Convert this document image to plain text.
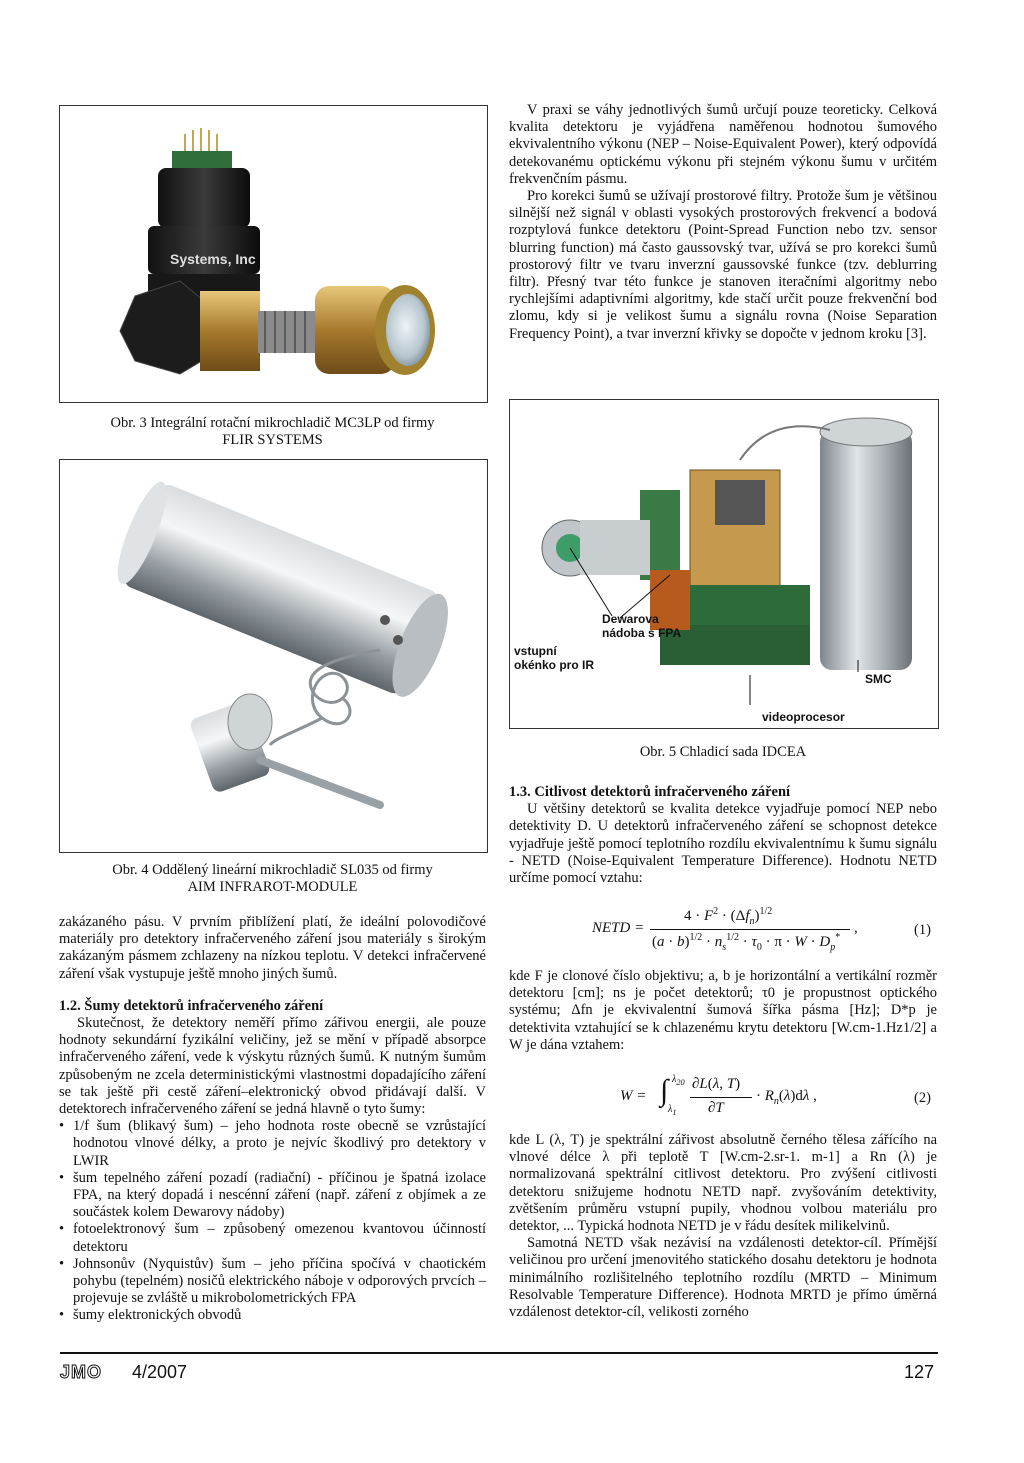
Systems, Inc
Obr. 3 Integrální rotační mikrochladič MC3LP od firmy
FLIR SYSTEMS
Obr. 4 Oddělený lineární mikrochladič SL035 od firmy
AIM INFRAROT-MODULE

V praxi se váhy jednotlivých šumů určují pouze teoreticky. Celková kvalita detektoru je vyjádřena naměřenou hodnotou šumového ekvivalentního výkonu (NEP – Noise-Equivalent Power), který odpovídá detekovanému optickému výkonu při stejném výkonu šumu v určitém frekvenčním pásmu.

Pro korekci šumů se užívají prostorové filtry. Protože šum je většinou silnější než signál v oblasti vysokých prostorových frekvencí a bodová rozptylová funkce detektoru (Point-Spread Function nebo tzv. sensor blurring function) má často gaussovský tvar, užívá se pro korekci šumů prostorový filtr ve tvaru inverzní gaussovské funkce (tzv. deblurring filtr). Přesný tvar této funkce je stanoven iteračními algoritmy nebo rychlejšími adaptivními algoritmy, kde stačí určit pouze frekvenční bod zlomu, kdy si je velikost šumu a signálu rovna (Noise Separation Frequency Point), a tvar inverzní křivky se dopočte v jednom kroku [3].

Dewarova
nádoba s FPA
vstupní
okénko pro IR
SMC
videoprocesor
Obr. 5 Chladicí sada IDCEA
1.3. Citlivost detektorů infračerveného záření

U většiny detektorů se kvalita detekce vyjadřuje pomocí NEP nebo detektivity D. U detektorů infračerveného záření se schopnost detekce vyjadřuje ještě pomocí teplotního rozdílu ekvivalentnímu k šumu signálu - NETD (Noise-Equivalent Temperature Difference). Hodnotu NETD určíme pomocí vztahu:

NETD =
$4 \cdot F^2 \cdot (\Delta f_n)^{1/2}$
$(a \cdot b)^{1/2} \cdot n_s^{1/2} \cdot \tau_0 \cdot \pi \cdot W \cdot D_p^*$
,	(1)

kde F je clonové číslo objektivu; a, b je horizontální a vertikální rozměr detektoru [cm]; ns je počet detektorů; τ0 je propustnost optického systému; Δfn je ekvivalentní šumová šířka pásma [Hz]; D*p je detektivita vztahující se k chlazenému krytu detektoru [W.cm-1.Hz1/2] a W je dána vztahem:

W = ∫ $\lambda_{20}$
$\lambda_1$
∂L(λ, T)
∂T
· $R_n(\lambda)d\lambda$ ,	(2)

kde L (λ, T) je spektrální zářivost absolutně černého tělesa zářícího na vlnové délce λ při teplotě T [W.cm-2.sr-1. m-1] a Rn (λ) je normalizovaná spektrální citlivost detektoru. Pro zvýšení citlivosti detektoru snižujeme hodnotu NETD např. zvyšováním detektivity, zvětšením průměru vstupní pupily, vhodnou volbou materiálu pro detektor, ... Typická hodnota NETD je v řádu desítek milikelvinů.

Samotná NETD však nezávisí na vzdálenosti detektor-cíl. Přímější veličinou pro určení jmenovitého statického dosahu detektoru je hodnota minimálního rozlišitelného teplotního rozdílu (MRTD – Minimum Resolvable Temperature Difference). Hodnota MRTD je přímo úměrná vzdálenost detektor-cíl, velikosti zorného

zakázaného pásu. V prvním přiblížení platí, že ideální polovodičové materiály pro detektory infračerveného záření jsou materiály s širokým zakázaným pásmem zchlazeny na nízkou teplotu. V detekci infračervené záření však vystupuje ještě mnoho jiných šumů.

1.2. Šumy detektorů infračerveného záření

Skutečnost, že detektory neměří přímo zářivou energii, ale pouze hodnoty sekundární fyzikální veličiny, jež se mění v případě absorpce infračerveného záření, vede k výskytu různých šumů. K nutným šumům způsobeným ne zcela deterministickými vlastnostmi dopadajícího záření se tak ještě při cestě záření–elektronický obvod přidávají další. V detektorech infračerveného záření se jedná hlavně o tyto šumy:

• 1/f šum (blikavý šum) – jeho hodnota roste obecně se vzrůstající hodnotou vlnové délky, a proto je nejvíc škodlivý pro detektory v LWIR
• šum tepelného záření pozadí (radiační) - příčinou je špatná izolace FPA, na který dopadá i nescénní záření (např. záření z objímek a ze součástek kolem Dewarovy nádoby)
• fotoelektronový šum – způsobený omezenou kvantovou účinností detektoru
• Johnsonův (Nyquistův) šum – jeho příčina spočívá v chaotickém pohybu (tepelném) nosičů elektrického náboje v odporových prvcích – projevuje se zvláště u mikrobolometrických FPA
• šumy elektronických obvodů
JMO 4/2007	127
